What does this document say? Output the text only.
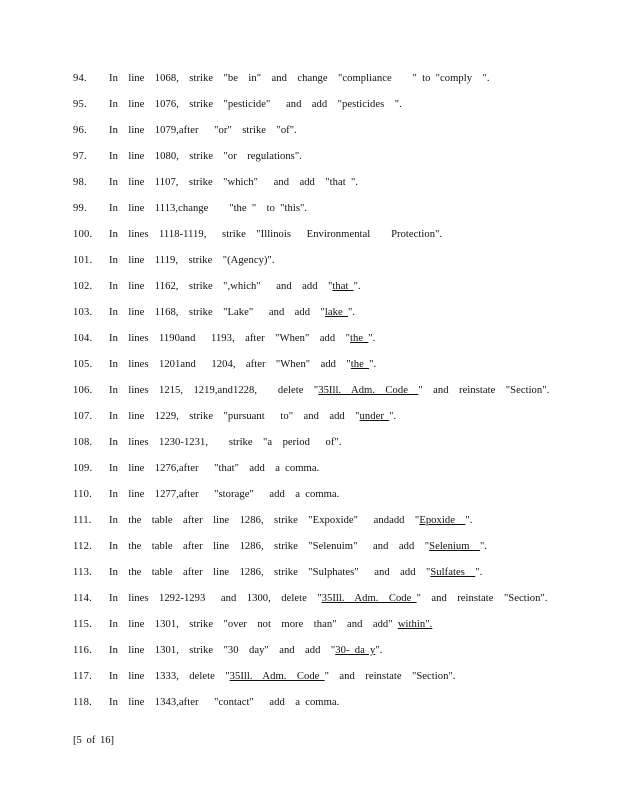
94.	In  line  1068,  strike  "be  in"  and  change  "compliance    " to "comply  ".
95.	In  line  1076,  strike  "pesticide"   and  add  "pesticides  ".
96.	In  line  1079,after   "or"  strike  "of".
97.	In  line  1080,  strike  "or  regulations".
98.	In  line  1107,  strike  "which"   and  add  "that ".
99.	In  line  1113,change    "the "  to "this".
100.	In  lines  1118-1119,   strike  "Illinois   Environmental    Protection".
101.	In  line  1119,  strike  "(Agency)".
102.	In  line  1162,  strike  ",which"   and  add  "that ".
103.	In  line  1168,  strike  "Lake"   and  add  "lake ".
104.	In  lines  1190and   1193,  after  "When"  add  "the ".
105.	In  lines  1201and   1204,  after  "When"  add  "the ".
106.	In  lines  1215,  1219,and1228,    delete  "35Ill.  Adm.  Code  "  and  reinstate  "Section".
107.	In  line  1229,  strike  "pursuant   to"  and  add  "under ".
108.	In  lines  1230-1231,    strike  "a  period   of".
109.	In  line  1276,after   "that"  add  a comma.
110.	In  line  1277,after   "storage"   add  a comma.
111.	In  the  table  after  line  1286,  strike  "Expoxide"   andadd  "Epoxide  ".
112.	In  the  table  after  line  1286,  strike  "Selenuim"   and  add  "Selenium  ".
113.	In  the  table  after  line  1286,  strike  "Sulphates"   and  add  "Sulfates  ".
114.	In  lines  1292-1293   and  1300,  delete  "35Ill.  Adm.  Code "  and  reinstate  "Section".
115.	In  line  1301,  strike  "over  not  more  than"  and  add" within".
116.	In  line  1301,  strike  "30  day"  and  add  "30- da y".
117.	In  line  1333,  delete  "35Ill.  Adm.  Code "  and  reinstate  "Section".
118.	In  line  1343,after   "contact"   add  a comma.
[5 of 16]
